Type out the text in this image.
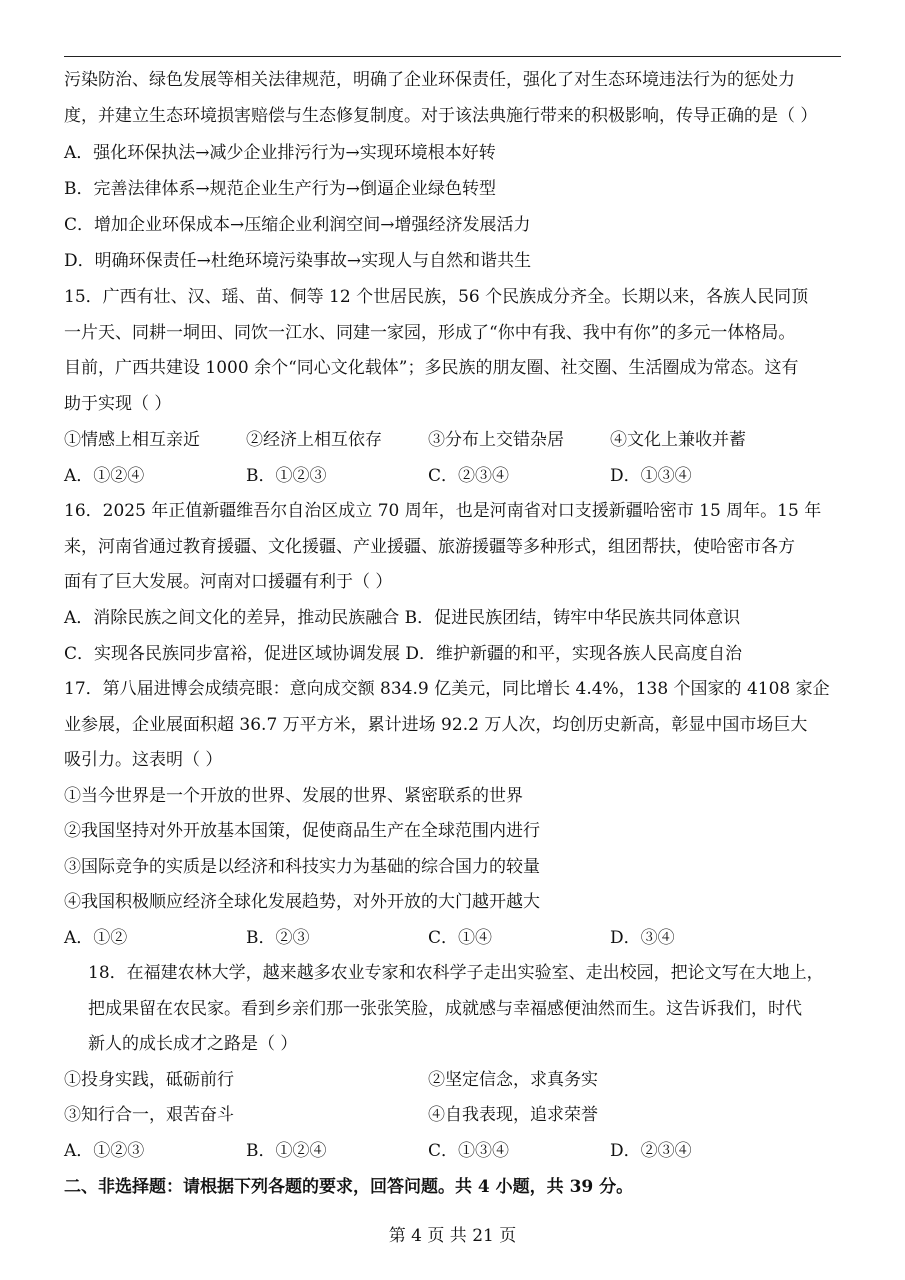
污染防治、绿色发展等相关法律规范，明确了企业环保责任，强化了对生态环境违法行为的惩处力
度，并建立生态环境损害赔偿与生态修复制度。对于该法典施行带来的积极影响，传导正确的是（ ）
A．强化环保执法→减少企业排污行为→实现环境根本好转
B．完善法律体系→规范企业生产行为→倒逼企业绿色转型
C．增加企业环保成本→压缩企业利润空间→增强经济发展活力
D．明确环保责任→杜绝环境污染事故→实现人与自然和谐共生
15．广西有壮、汉、瑶、苗、侗等 12 个世居民族，56 个民族成分齐全。长期以来，各族人民同顶
一片天、同耕一垌田、同饮一江水、同建一家园，形成了“你中有我、我中有你”的多元一体格局。
目前，广西共建设 1000 余个“同心文化载体”；多民族的朋友圈、社交圈、生活圈成为常态。这有
助于实现（ ）
①情感上相互亲近	②经济上相互依存	③分布上交错杂居	④文化上兼收并蓄
A．①②④	B．①②③	C．②③④	D．①③④
16．2025 年正值新疆维吾尔自治区成立 70 周年，也是河南省对口支援新疆哈密市 15 周年。15 年
来，河南省通过教育援疆、文化援疆、产业援疆、旅游援疆等多种形式，组团帮扶，使哈密市各方
面有了巨大发展。河南对口援疆有利于（ ）
A．消除民族之间文化的差异，推动民族融合 B．促进民族团结，铸牢中华民族共同体意识
C．实现各民族同步富裕，促进区域协调发展 D．维护新疆的和平，实现各族人民高度自治
17．第八届进博会成绩亮眼：意向成交额 834.9 亿美元，同比增长 4.4%，138 个国家的 4108 家企
业参展，企业展面积超 36.7 万平方米，累计进场 92.2 万人次，均创历史新高，彰显中国市场巨大
吸引力。这表明（ ）
①当今世界是一个开放的世界、发展的世界、紧密联系的世界
②我国坚持对外开放基本国策，促使商品生产在全球范围内进行
③国际竞争的实质是以经济和科技实力为基础的综合国力的较量
④我国积极顺应经济全球化发展趋势，对外开放的大门越开越大
A．①②	B．②③	C．①④	D．③④
18．在福建农林大学，越来越多农业专家和农科学子走出实验室、走出校园，把论文写在大地上，
把成果留在农民家。看到乡亲们那一张张笑脸，成就感与幸福感便油然而生。这告诉我们，时代
新人的成长成才之路是（ ）
①投身实践，砥砺前行	②坚定信念，求真务实
③知行合一，艰苦奋斗	④自我表现，追求荣誉
A．①②③	B．①②④	C．①③④	D．②③④
二、非选择题：请根据下列各题的要求，回答问题。共 4 小题，共 39 分。
第 4 页 共 21 页
